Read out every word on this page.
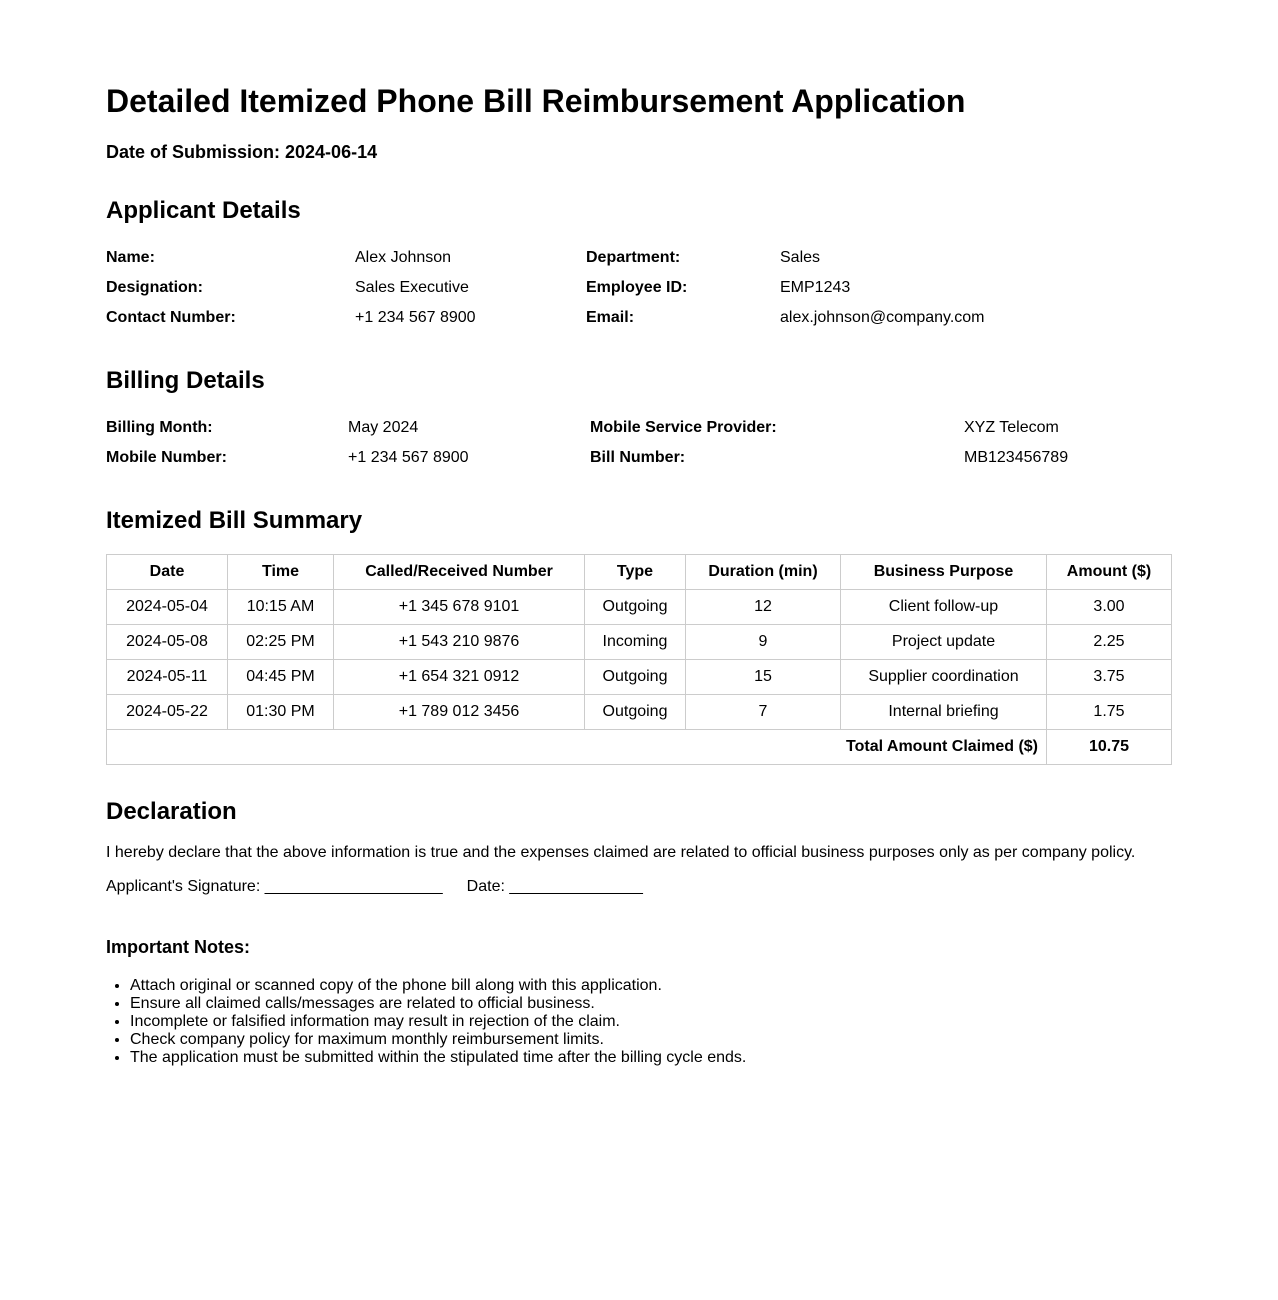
Detailed Itemized Phone Bill Reimbursement Application

Date of Submission: 2024-06-14

Applicant Details
Name:	Alex Johnson	Department:	Sales
Designation:	Sales Executive	Employee ID:	EMP1243
Contact Number:	+1 234 567 8900	Email:	alex.johnson@company.com
Billing Details
Billing Month:	May 2024	Mobile Service Provider:	XYZ Telecom
Mobile Number:	+1 234 567 8900	Bill Number:	MB123456789
Itemized Bill Summary
Date	Time	Called/Received Number	Type	Duration (min)	Business Purpose	Amount ($)
2024-05-04	10:15 AM	+1 345 678 9101	Outgoing	12	Client follow-up	3.00
2024-05-08	02:25 PM	+1 543 210 9876	Incoming	9	Project update	2.25
2024-05-11	04:45 PM	+1 654 321 0912	Outgoing	15	Supplier coordination	3.75
2024-05-22	01:30 PM	+1 789 012 3456	Outgoing	7	Internal briefing	1.75
Total Amount Claimed ($)						10.75
Declaration

I hereby declare that the above information is true and the expenses claimed are related to official business purposes only as per company policy.

Applicant's Signature: ____________________ Date: _______________

Important Notes:
• Attach original or scanned copy of the phone bill along with this application.
• Ensure all claimed calls/messages are related to official business.
• Incomplete or falsified information may result in rejection of the claim.
• Check company policy for maximum monthly reimbursement limits.
• The application must be submitted within the stipulated time after the billing cycle ends.
